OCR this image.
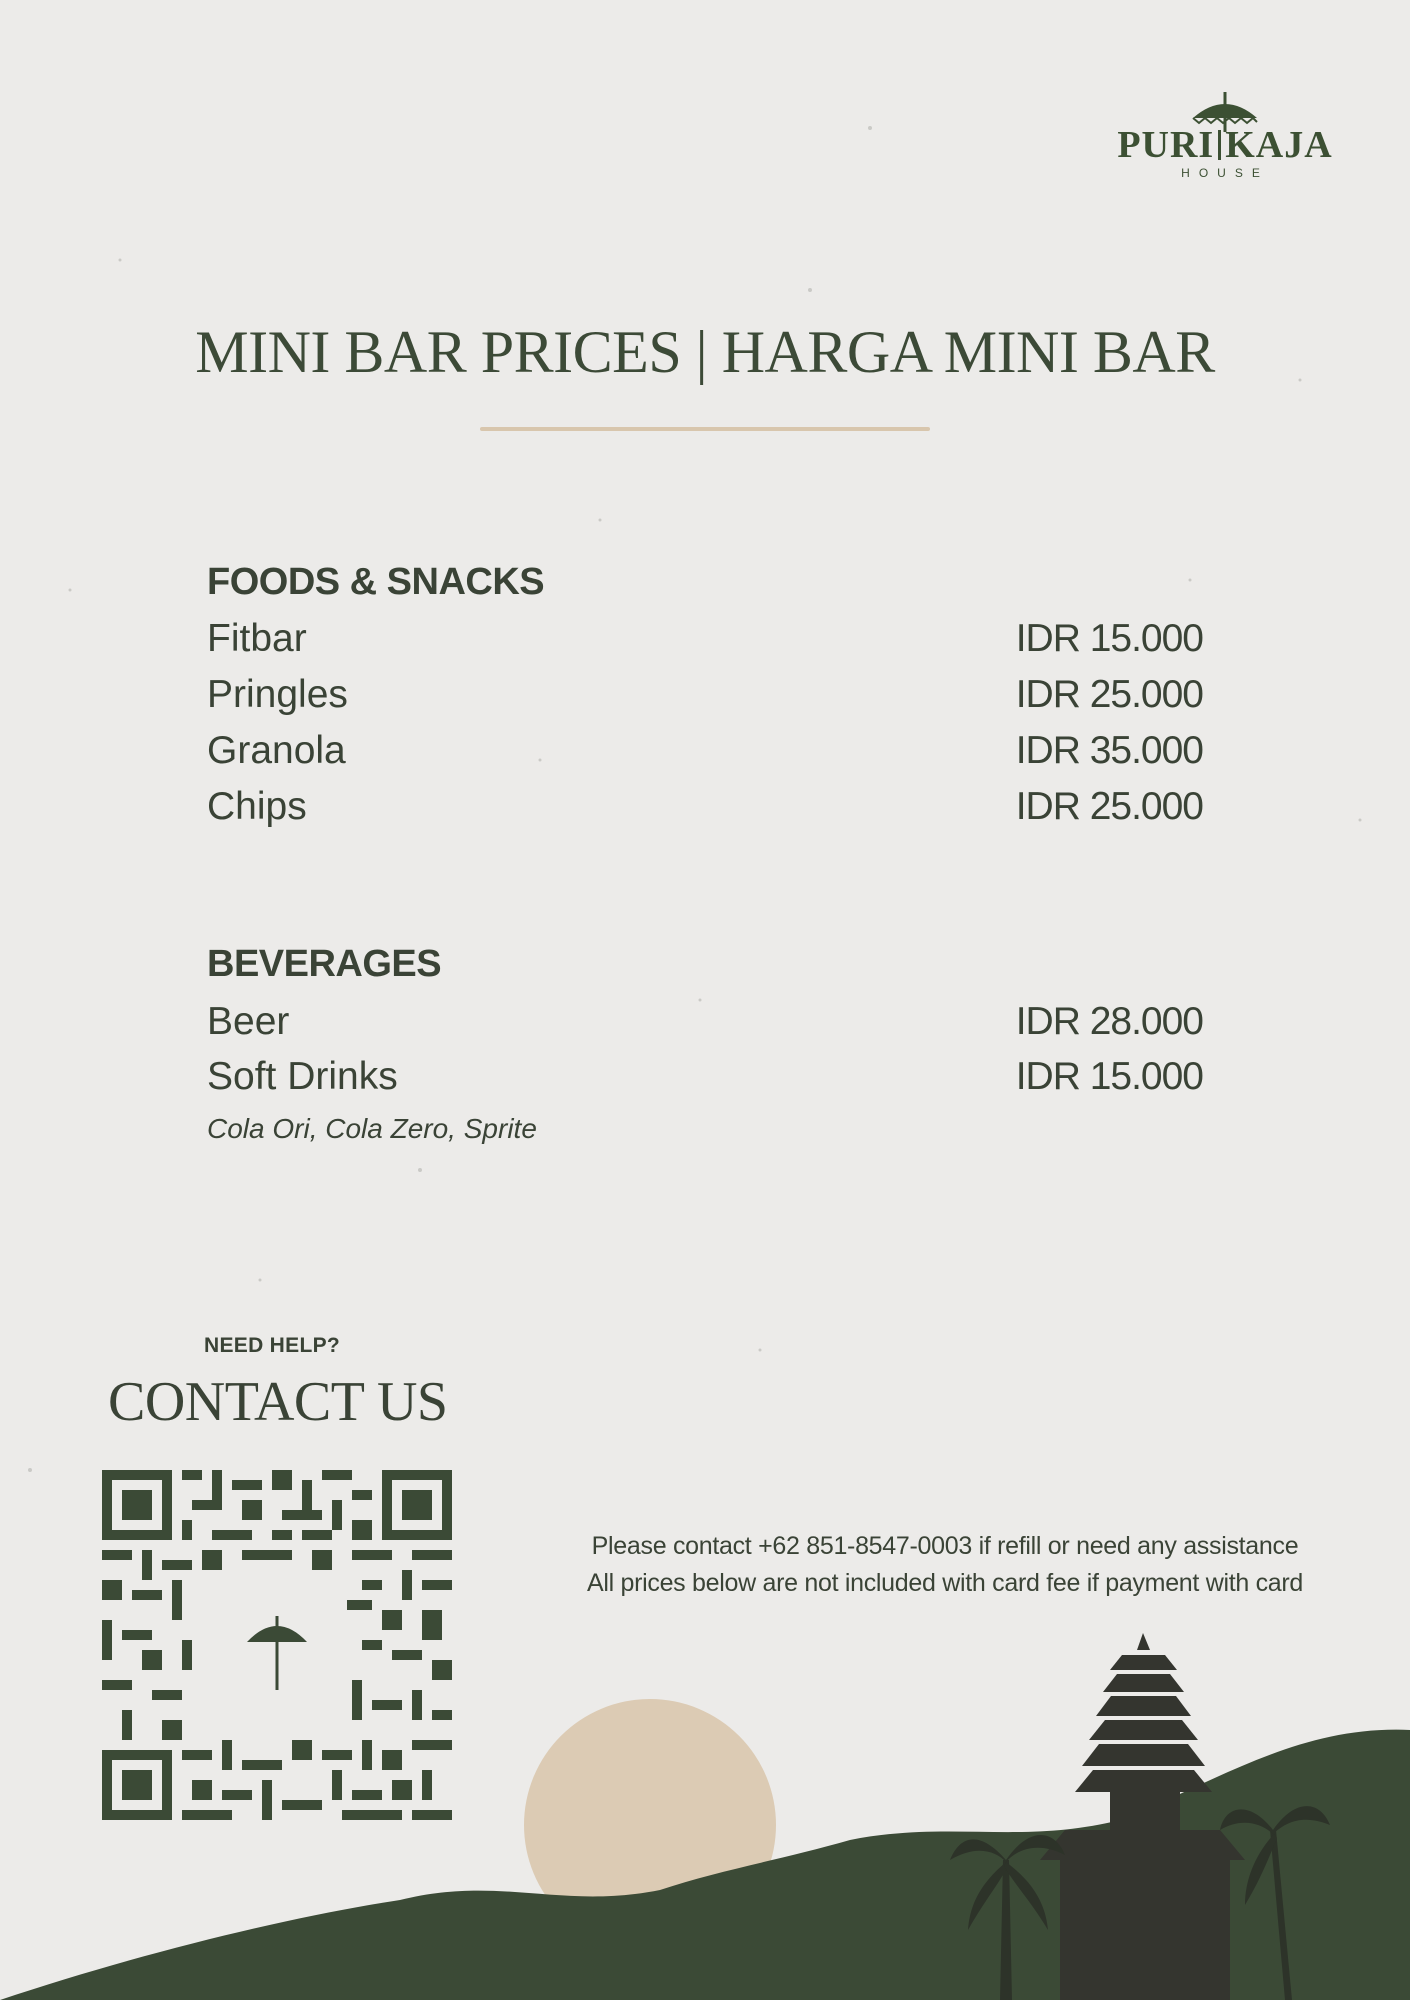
PURI KAJA
HOUSE
MINI BAR PRICES | HARGA MINI BAR
FOODS & SNACKS
Fitbar	IDR 15.000
Pringles	IDR 25.000
Granola	IDR 35.000
Chips	IDR 25.000
BEVERAGES
Beer	IDR 28.000
Soft Drinks	IDR 15.000
Cola Ori, Cola Zero, Sprite
NEED HELP?
CONTACT US
Please contact +62 851-8547-0003 if refill or need any assistance
All prices below are not included with card fee if payment with card
